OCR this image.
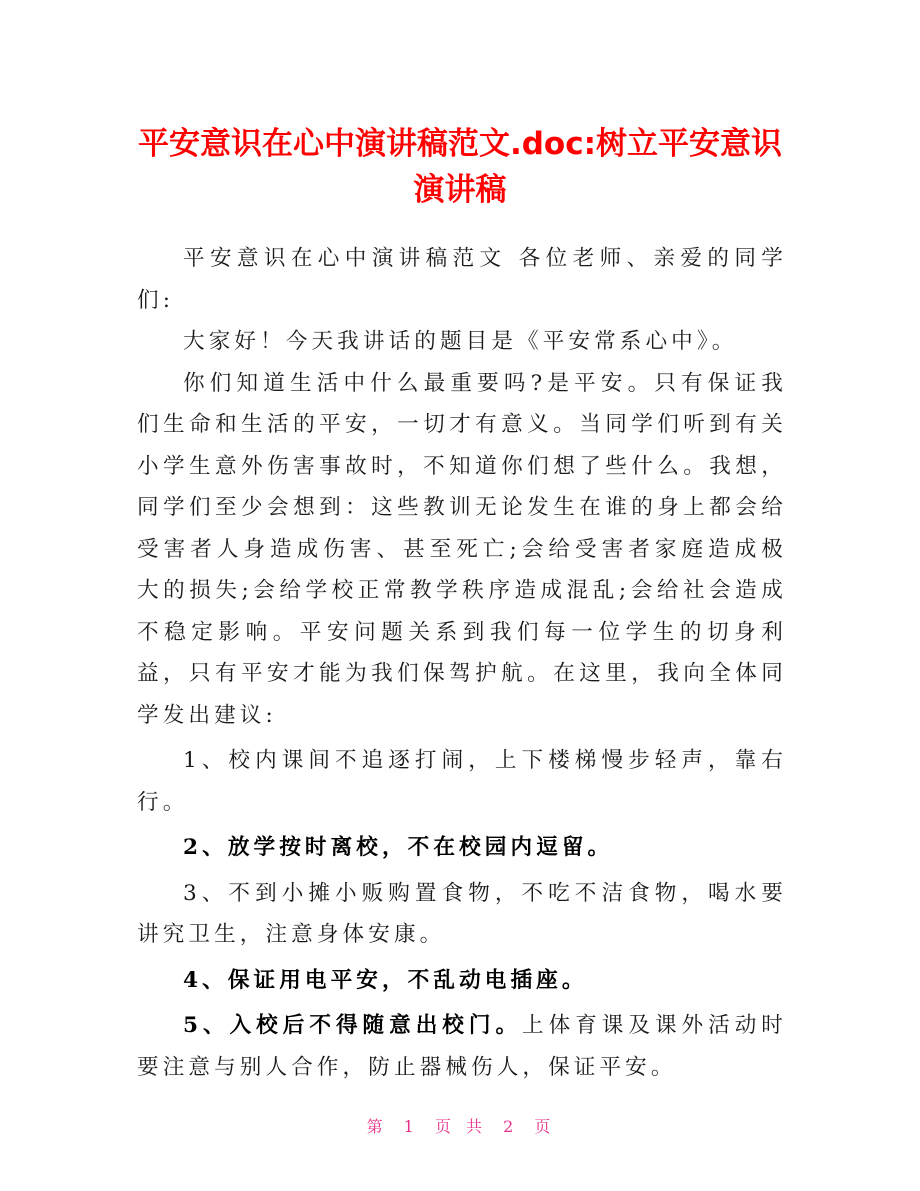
平安意识在心中演讲稿范文.doc:树立平安意识
演讲稿

平安意识在心中演讲稿范文 各位老师、亲爱的同学们:

大家好！今天我讲话的题目是《平安常系心中》。

你们知道生活中什么最重要吗?是平安。只有保证我们生命和生活的平安，一切才有意义。当同学们听到有关小学生意外伤害事故时，不知道你们想了些什么。我想，同学们至少会想到：这些教训无论发生在谁的身上都会给受害者人身造成伤害、甚至死亡;会给受害者家庭造成极大的损失;会给学校正常教学秩序造成混乱;会给社会造成不稳定影响。平安问题关系到我们每一位学生的切身利益，只有平安才能为我们保驾护航。在这里，我向全体同学发出建议:

1、校内课间不追逐打闹，上下楼梯慢步轻声，靠右行。

2、放学按时离校，不在校园内逗留。

3、不到小摊小贩购置食物，不吃不洁食物，喝水要讲究卫生，注意身体安康。

4、保证用电平安，不乱动电插座。

5、入校后不得随意出校门。上体育课及课外活动时要注意与别人合作，防止器械伤人，保证平安。

第 1 页 共 2 页
